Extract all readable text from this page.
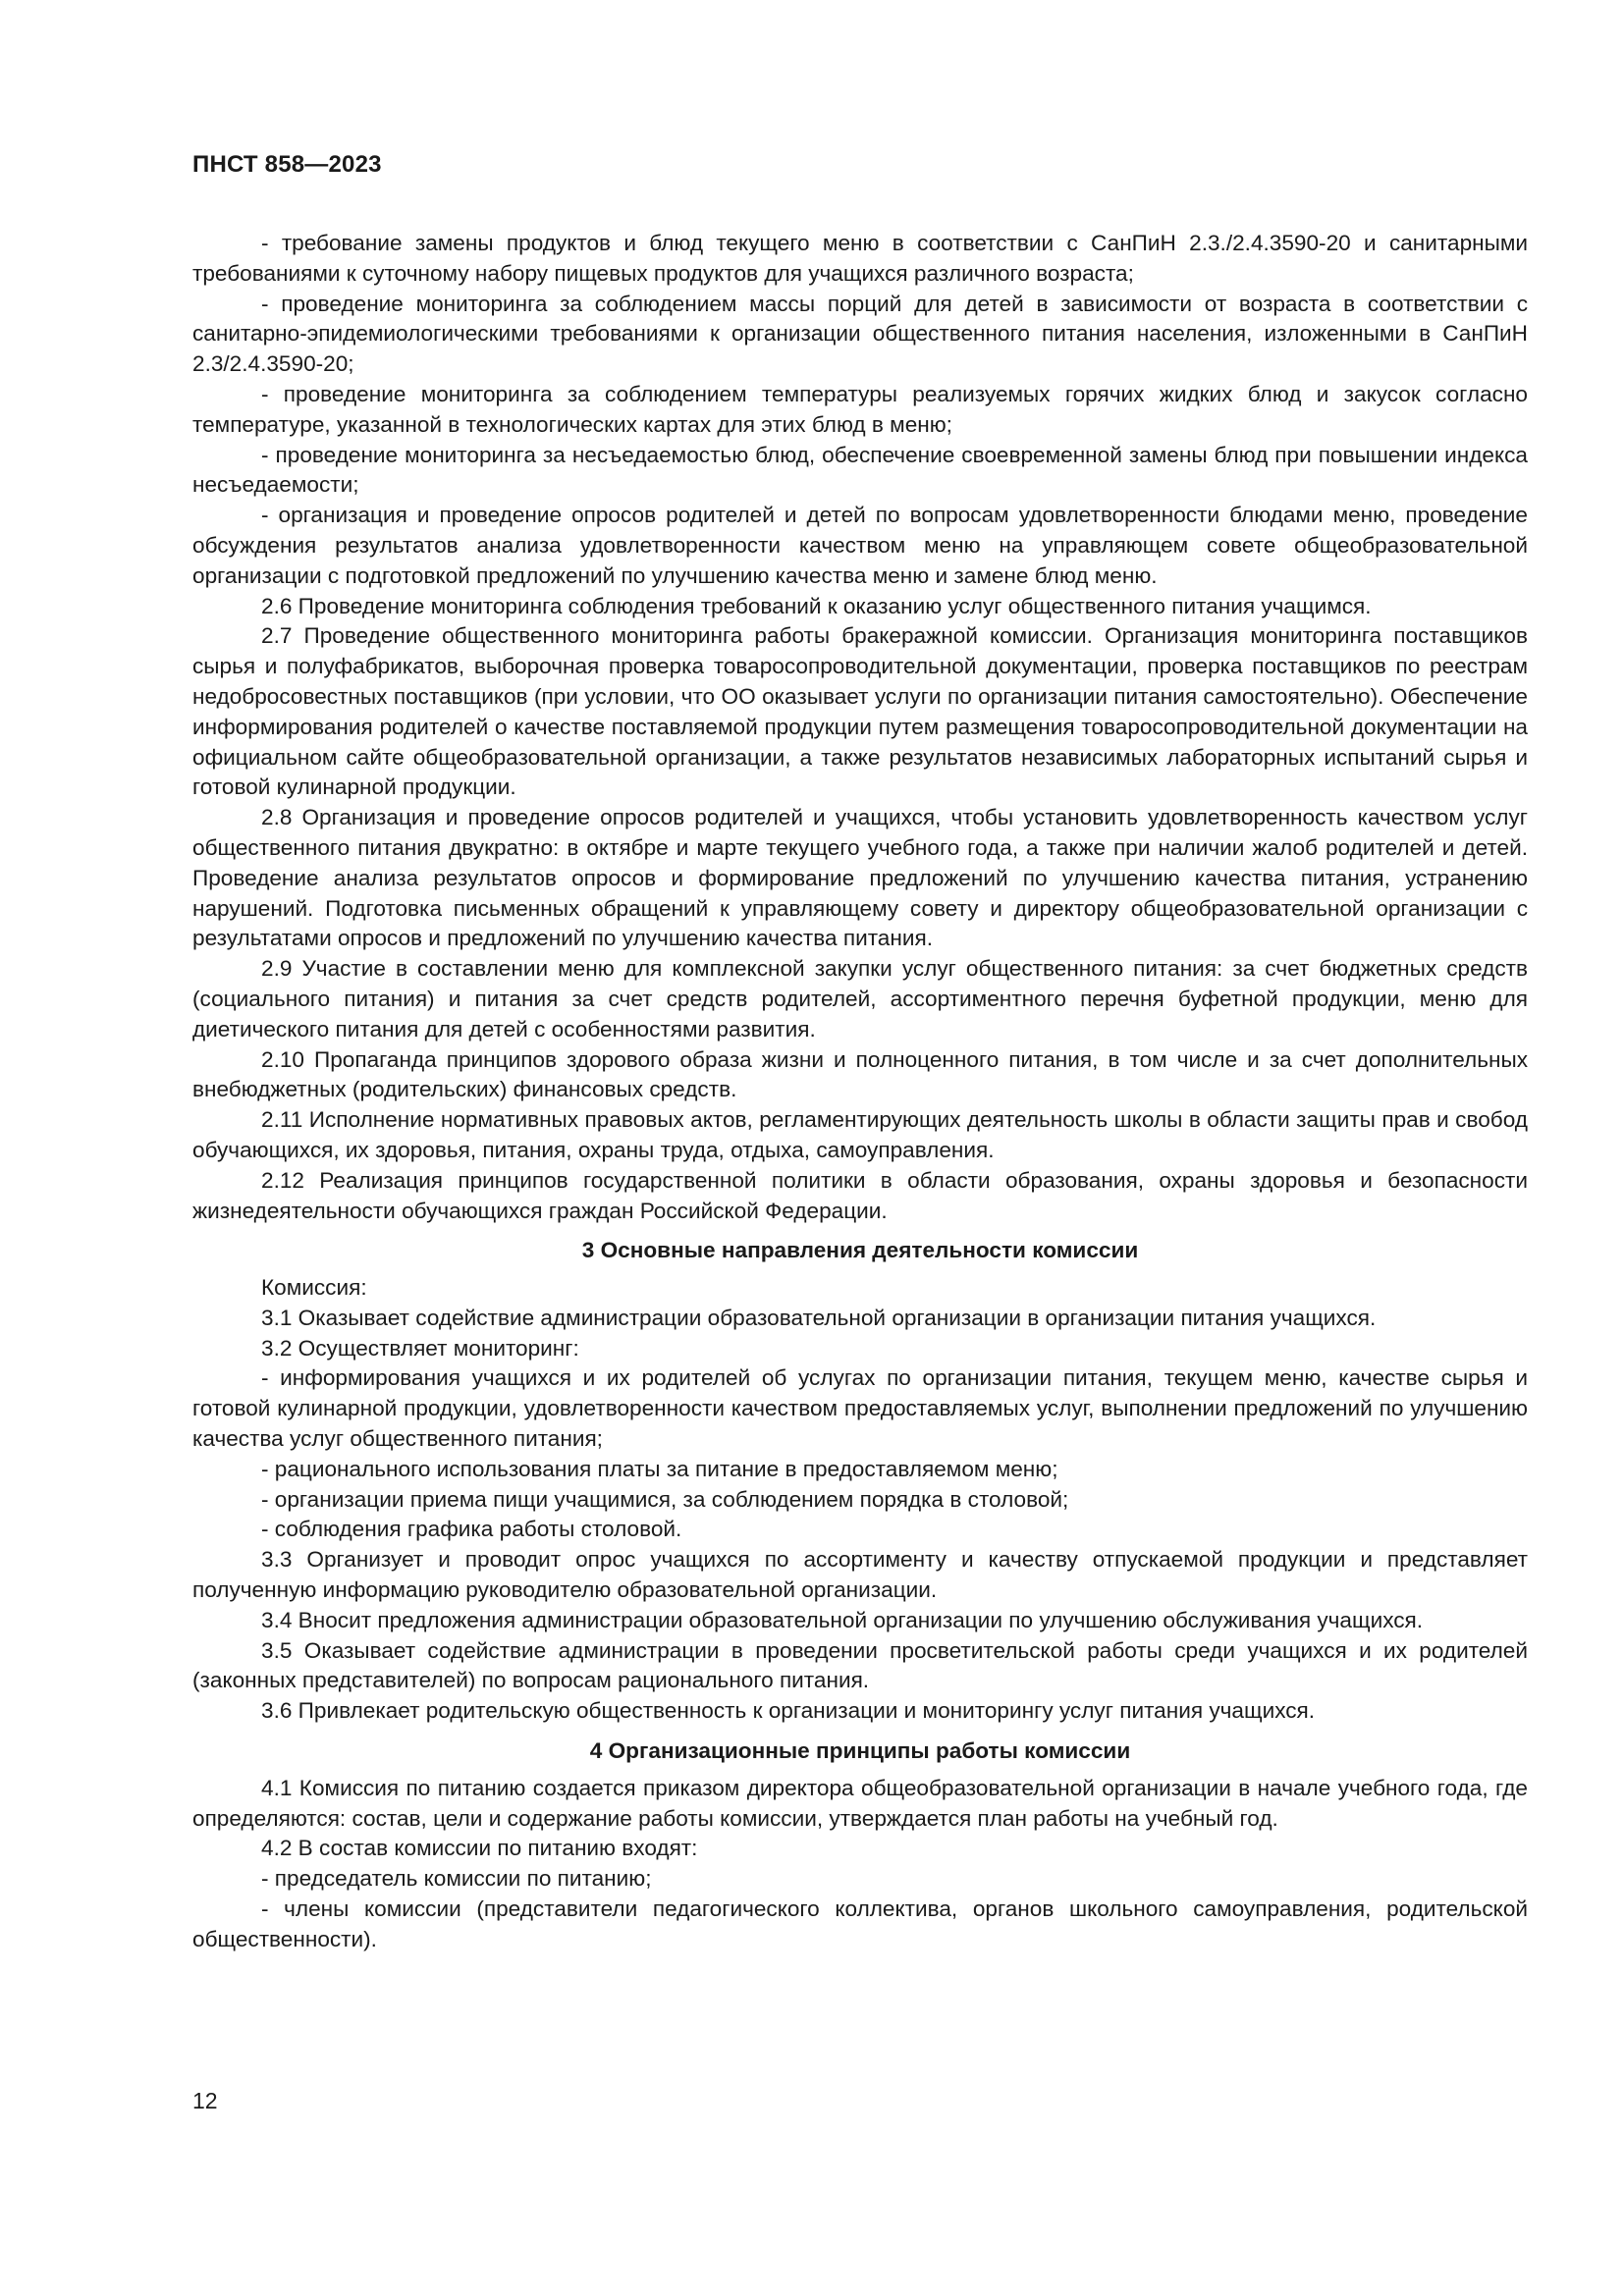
ПНСТ 858—2023

- требование замены продуктов и блюд текущего меню в соответствии с СанПиН 2.3./2.4.3590-20 и санитарными требованиями к суточному набору пищевых продуктов для учащихся различного возраста;

- проведение мониторинга за соблюдением массы порций для детей в зависимости от возраста в соответствии с санитарно-эпидемиологическими требованиями к организации общественного питания населения, изложенными в СанПиН 2.3/2.4.3590-20;

- проведение мониторинга за соблюдением температуры реализуемых горячих жидких блюд и закусок согласно температуре, указанной в технологических картах для этих блюд в меню;

- проведение мониторинга за несъедаемостью блюд, обеспечение своевременной замены блюд при повышении индекса несъедаемости;

- организация и проведение опросов родителей и детей по вопросам удовлетворенности блюдами меню, проведение обсуждения результатов анализа удовлетворенности качеством меню на управляющем совете общеобразовательной организации с подготовкой предложений по улучшению качества меню и замене блюд меню.

2.6 Проведение мониторинга соблюдения требований к оказанию услуг общественного питания учащимся.

2.7 Проведение общественного мониторинга работы бракеражной комиссии. Организация мониторинга поставщиков сырья и полуфабрикатов, выборочная проверка товаросопроводительной документации, проверка поставщиков по реестрам недобросовестных поставщиков (при условии, что ОО оказывает услуги по организации питания самостоятельно). Обеспечение информирования родителей о качестве поставляемой продукции путем размещения товаросопроводительной документации на официальном сайте общеобразовательной организации, а также результатов независимых лабораторных испытаний сырья и готовой кулинарной продукции.

2.8 Организация и проведение опросов родителей и учащихся, чтобы установить удовлетворенность качеством услуг общественного питания двукратно: в октябре и марте текущего учебного года, а также при наличии жалоб родителей и детей. Проведение анализа результатов опросов и формирование предложений по улучшению качества питания, устранению нарушений. Подготовка письменных обращений к управляющему совету и директору общеобразовательной организации с результатами опросов и предложений по улучшению качества питания.

2.9 Участие в составлении меню для комплексной закупки услуг общественного питания: за счет бюджетных средств (социального питания) и питания за счет средств родителей, ассортиментного перечня буфетной продукции, меню для диетического питания для детей с особенностями развития.

2.10 Пропаганда принципов здорового образа жизни и полноценного питания, в том числе и за счет дополнительных внебюджетных (родительских) финансовых средств.

2.11 Исполнение нормативных правовых актов, регламентирующих деятельность школы в области защиты прав и свобод обучающихся, их здоровья, питания, охраны труда, отдыха, самоуправления.

2.12 Реализация принципов государственной политики в области образования, охраны здоровья и безопасности жизнедеятельности обучающихся граждан Российской Федерации.

3 Основные направления деятельности комиссии

Комиссия:

3.1 Оказывает содействие администрации образовательной организации в организации питания учащихся.

3.2 Осуществляет мониторинг:

- информирования учащихся и их родителей об услугах по организации питания, текущем меню, качестве сырья и готовой кулинарной продукции, удовлетворенности качеством предоставляемых услуг, выполнении предложений по улучшению качества услуг общественного питания;

- рационального использования платы за питание в предоставляемом меню;

- организации приема пищи учащимися, за соблюдением порядка в столовой;

- соблюдения графика работы столовой.

3.3 Организует и проводит опрос учащихся по ассортименту и качеству отпускаемой продукции и представляет полученную информацию руководителю образовательной организации.

3.4 Вносит предложения администрации образовательной организации по улучшению обслуживания учащихся.

3.5 Оказывает содействие администрации в проведении просветительской работы среди учащихся и их родителей (законных представителей) по вопросам рационального питания.

3.6 Привлекает родительскую общественность к организации и мониторингу услуг питания учащихся.

4 Организационные принципы работы комиссии

4.1 Комиссия по питанию создается приказом директора общеобразовательной организации в начале учебного года, где определяются: состав, цели и содержание работы комиссии, утверждается план работы на учебный год.

4.2 В состав комиссии по питанию входят:

- председатель комиссии по питанию;

- члены комиссии (представители педагогического коллектива, органов школьного самоуправления, родительской общественности).

12
